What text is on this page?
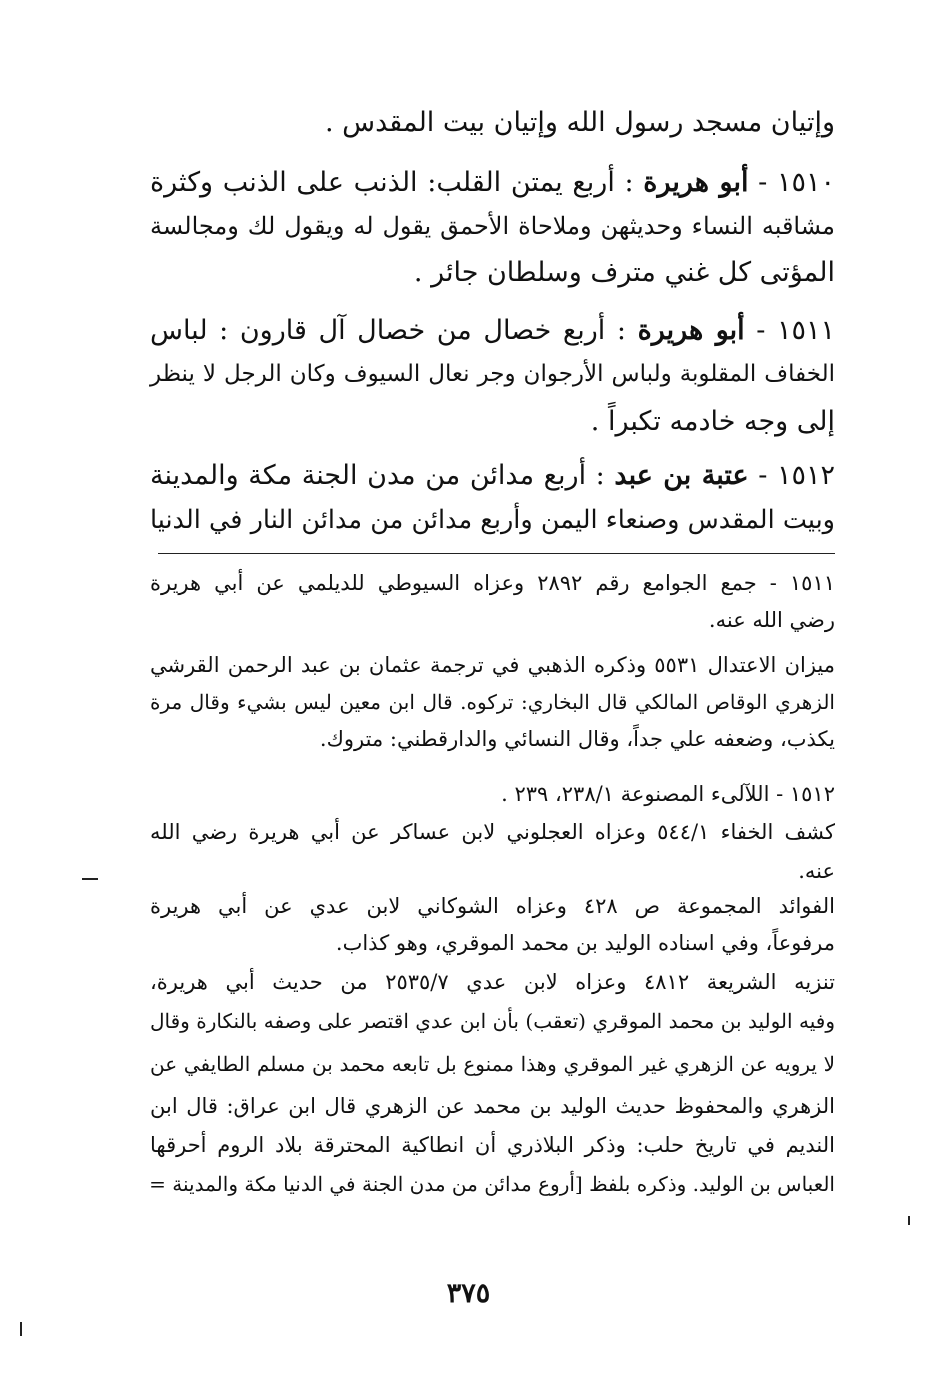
وإتيان مسجد رسول الله وإتيان بيت المقدس .
١٥١٠ - أبو هريرة : أربع يمتن القلب: الذنب على الذنب وكثرة
مشاقبه النساء وحديثهن وملاحاة الأحمق يقول له ويقول لك ومجالسة
المؤتى كل غني مترف وسلطان جائر .
١٥١١ - أبو هريرة : أربع خصال من خصال آل قارون : لباس
الخفاف المقلوبة ولباس الأرجوان وجر نعال السيوف وكان الرجل لا ينظر
إلى وجه خادمه تكبراً .
١٥١٢ - عتبة بن عبد : أربع مدائن من مدن الجنة مكة والمدينة
وبيت المقدس وصنعاء اليمن وأربع مدائن من مدائن النار في الدنيا
١٥١١ - جمع الجوامع رقم ٢٨٩٢ وعزاه السيوطي للديلمي عن أبي هريرة
رضي الله عنه.
ميزان الاعتدال ٥٥٣١ وذكره الذهبي في ترجمة عثمان بن عبد الرحمن القرشي
الزهري الوقاص المالكي قال البخاري: تركوه. قال ابن معين ليس بشيء وقال مرة
يكذب، وضعفه علي جداً، وقال النسائي والدارقطني: متروك.
١٥١٢ - اللآلىء المصنوعة ٢٣٨/١، ٢٣٩ .
كشف الخفاء ٥٤٤/١ وعزاه العجلوني لابن عساكر عن أبي هريرة رضي الله
عنه.
الفوائد المجموعة ص ٤٢٨ وعزاه الشوكاني لابن عدي عن أبي هريرة
مرفوعاً، وفي اسناده الوليد بن محمد الموقري، وهو كذاب.
تنزيه الشريعة ٤٨١٢ وعزاه لابن عدي ٢٥٣٥/٧ من حديث أبي هريرة،
وفيه الوليد بن محمد الموقري (تعقب) بأن ابن عدي اقتصر على وصفه بالنكارة وقال
لا يرويه عن الزهري غير الموقري وهذا ممنوع بل تابعه محمد بن مسلم الطايفي عن
الزهري والمحفوظ حديث الوليد بن محمد عن الزهري قال ابن عراق: قال ابن
النديم في تاريخ حلب: وذكر البلاذري أن انطاكية المحترقة بلاد الروم أحرقها
العباس بن الوليد. وذكره بلفظ [أروع مدائن من مدن الجنة في الدنيا مكة والمدينة =
٣٧٥
